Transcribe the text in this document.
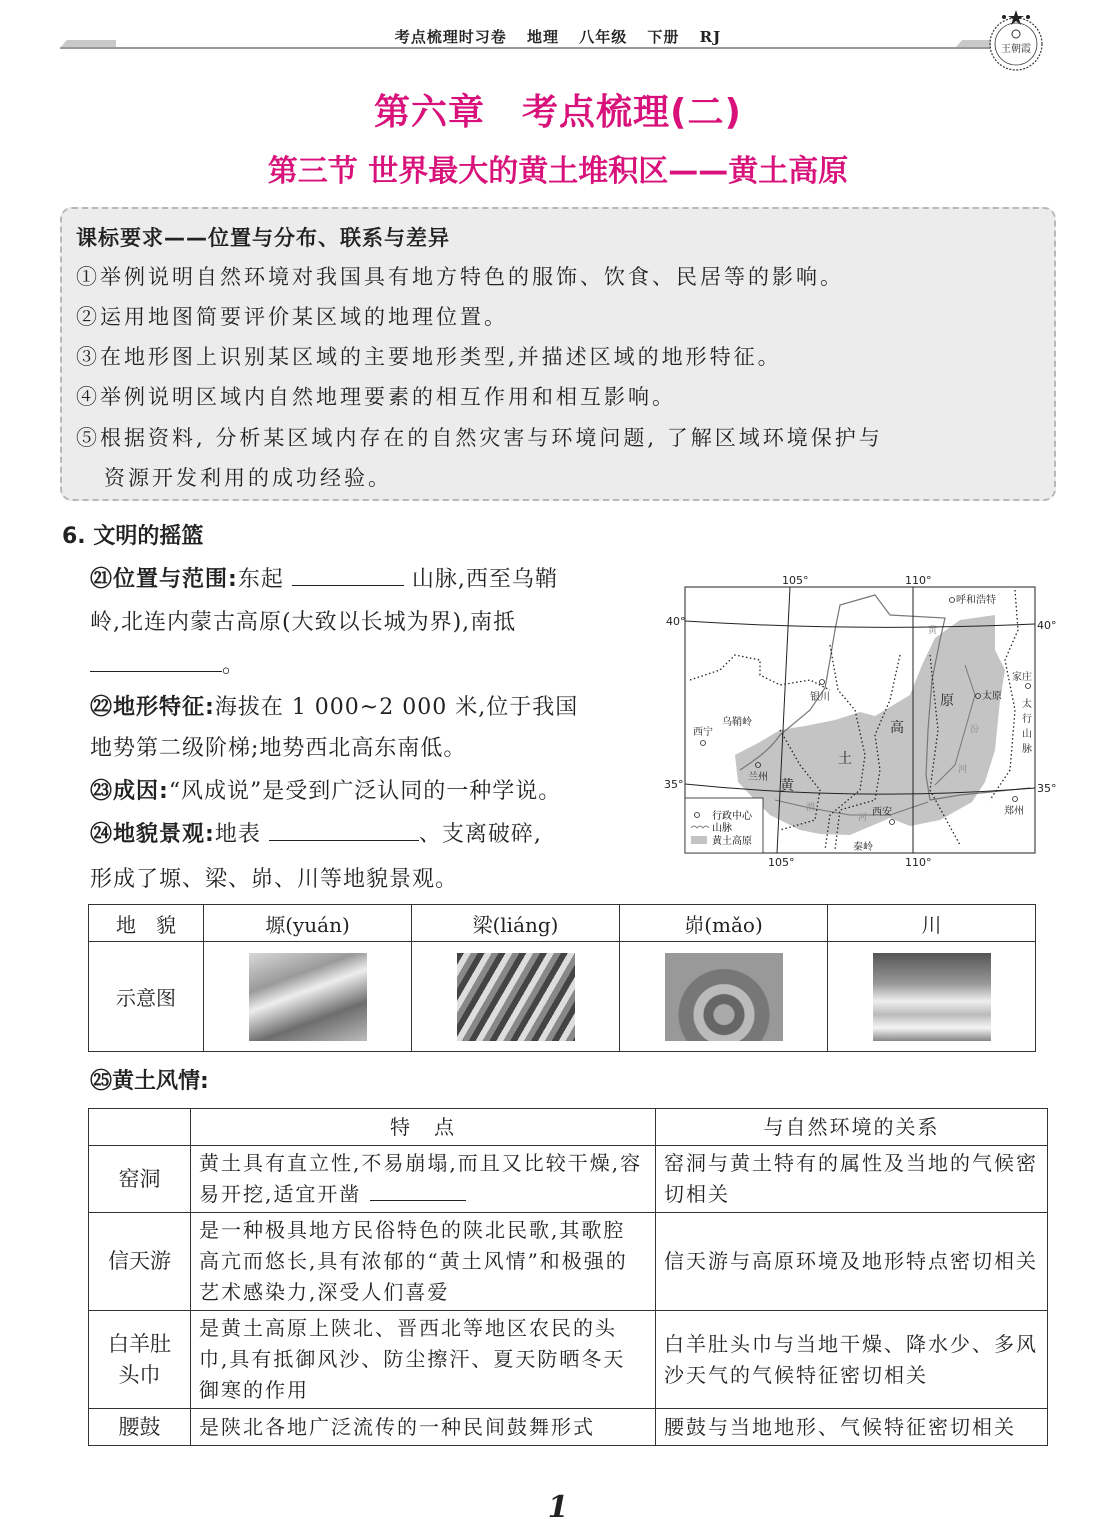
考点梳理时习卷 地理 八年级 下册 RJ
王朝霞
第六章　考点梳理(二)
第三节 世界最大的黄土堆积区——黄土高原
课标要求——位置与分布、联系与差异
①举例说明自然环境对我国具有地方特色的服饰、饮食、民居等的影响。
②运用地图简要评价某区域的地理位置。
③在地形图上识别某区域的主要地形类型,并描述区域的地形特征。
④举例说明区域内自然地理要素的相互作用和相互影响。
⑤根据资料, 分析某区域内存在的自然灾害与环境问题, 了解区域环境保护与
资源开发利用的成功经验。
6. 文明的摇篮
㉑位置与范围:东起	山脉,西至乌鞘
岭,北连内蒙古高原(大致以长城为界),南抵
。
㉒地形特征:海拔在 1 000~2 000 米,位于我国
地势第二级阶梯;地势西北高东南低。
㉓成因:“风成说”是受到广泛认同的一种学说。
㉔地貌景观:地表	、支离破碎,
形成了塬、梁、峁、川等地貌景观。
105°	110°
105°	110°
40°	40°
35°	35°
呼和浩特
银川
西宁
兰州
西安
太原
家庄
郑州
乌鞘岭
秦岭
太
行
山
脉
黄
土
高
原
黄
渭
河
汾
河
行政中心
山脉
黄土高原
地　貌	塬(yuán)	梁(liáng)	峁(mǎo)	川
示意图				
㉕黄土风情:
	特　点	与自然环境的关系
窑洞	黄土具有直立性,不易崩塌,而且又比较干燥,容易开挖,适宜开凿	窑洞与黄土特有的属性及当地的气候密切相关
信天游	是一种极具地方民俗特色的陕北民歌,其歌腔高亢而悠长,具有浓郁的“黄土风情”和极强的艺术感染力,深受人们喜爱	信天游与高原环境及地形特点密切相关
白羊肚头巾	是黄土高原上陕北、晋西北等地区农民的头巾,具有抵御风沙、防尘擦汗、夏天防晒冬天御寒的作用	白羊肚头巾与当地干燥、降水少、多风沙天气的气候特征密切相关
腰鼓	是陕北各地广泛流传的一种民间鼓舞形式	腰鼓与当地地形、气候特征密切相关
1
